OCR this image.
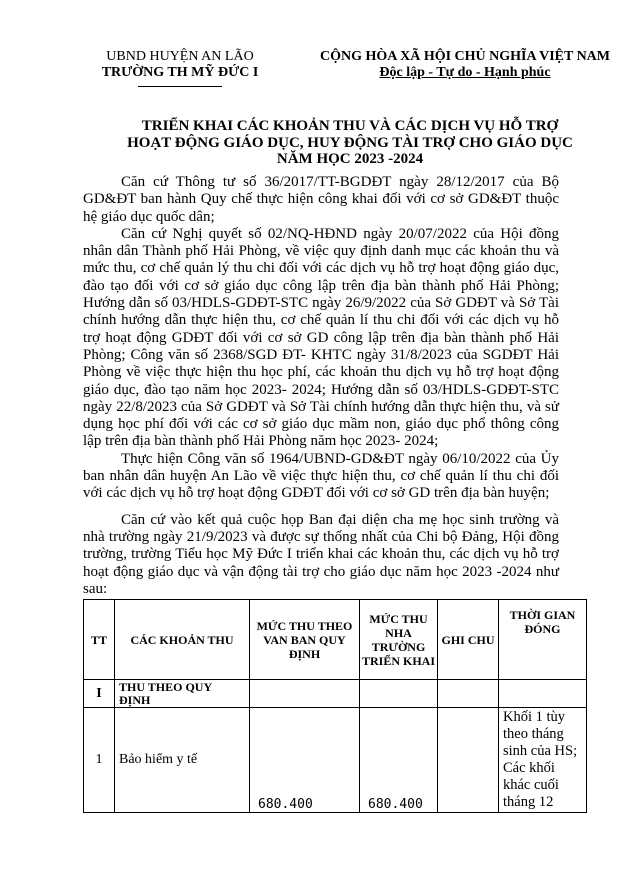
UBND HUYỆN AN LÃO
TRƯỜNG TH MỸ ĐỨC I
CỘNG HÒA XÃ HỘI CHỦ NGHĨA VIỆT NAM
Độc lập - Tự do - Hạnh phúc
TRIỂN KHAI CÁC KHOẢN THU VÀ CÁC DỊCH VỤ HỖ TRỢ
HOẠT ĐỘNG GIÁO DỤC, HUY ĐỘNG TÀI TRỢ CHO GIÁO DỤC
NĂM HỌC 2023 -2024

Căn cứ Thông tư số 36/2017/TT-BGDĐT ngày 28/12/2017 của Bộ GD&ĐT ban hành Quy chế thực hiện công khai đối với cơ sở GD&ĐT thuộc hệ giáo dục quốc dân;

Căn cứ Nghị quyết số 02/NQ-HĐND ngày 20/07/2022 của Hội đồng nhân dân Thành phố Hải Phòng, về việc quy định danh mục các khoản thu và mức thu, cơ chế quản lý thu chi đối với các dịch vụ hỗ trợ hoạt động giáo dục, đào tạo đối với cơ sở giáo dục công lập trên địa bàn thành phố Hải Phòng; Hướng dẫn số 03/HDLS-GDĐT-STC ngày 26/9/2022 của Sở GDĐT và Sở Tài chính hướng dẫn thực hiện thu, cơ chế quản lí thu chi đối với các dịch vụ hỗ trợ hoạt động GDĐT đối với cơ sở GD công lập trên địa bàn thành phố Hải Phòng; Công văn số 2368/SGD ĐT- KHTC ngày 31/8/2023 của SGDĐT Hải Phòng về việc thực hiện thu học phí, các khoản thu dịch vụ hỗ trợ hoạt động giáo dục, đào tạo năm học 2023- 2024; Hướng dẫn số 03/HDLS-GDĐT-STC ngày 22/8/2023 của Sở GDĐT và Sở Tài chính hướng dẫn thực hiện thu, và sử dụng học phí đối với các cơ sở giáo dục mầm non, giáo dục phổ thông công lập trên địa bàn thành phố Hải Phòng năm học 2023- 2024;

Thực hiện Công văn số 1964/UBND-GD&ĐT ngày 06/10/2022 của Ủy ban nhân dân huyện An Lão về việc thực hiện thu, cơ chế quản lí thu chi đối với các dịch vụ hỗ trợ hoạt động GDĐT đối với cơ sở GD trên địa bàn huyện;

Căn cứ vào kết quả cuộc họp Ban đại diện cha mẹ học sinh trường và nhà trường ngày 21/9/2023 và được sự thống nhất của Chi bộ Đảng, Hội đồng trường, trường Tiểu học Mỹ Đức I triển khai các khoản thu, các dịch vụ hỗ trợ hoạt động giáo dục và vận động tài trợ cho giáo dục năm học 2023 -2024 như sau:

TT	CÁC KHOẢN THU	MỨC THU THEO VAN BAN QUY ĐỊNH	MỨC THU NHA TRƯỜNG TRIỂN KHAI	GHI CHU	THỜI GIAN ĐÓNG
I	THU THEO QUY ĐỊNH				
1	Bảo hiểm y tế	680.400	680.400		Khối 1 tùy theo tháng sinh của HS; Các khối khác cuối tháng 12
